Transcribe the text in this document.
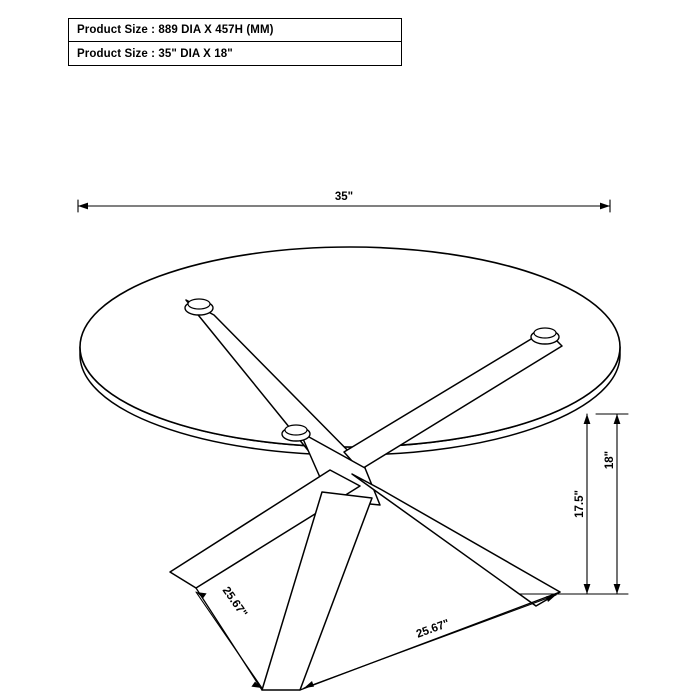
Product Size : 889 DIA X 457H (MM)
Product Size : 35" DIA X 18"
35"
17.5"
18"
25.67"
25.67"
